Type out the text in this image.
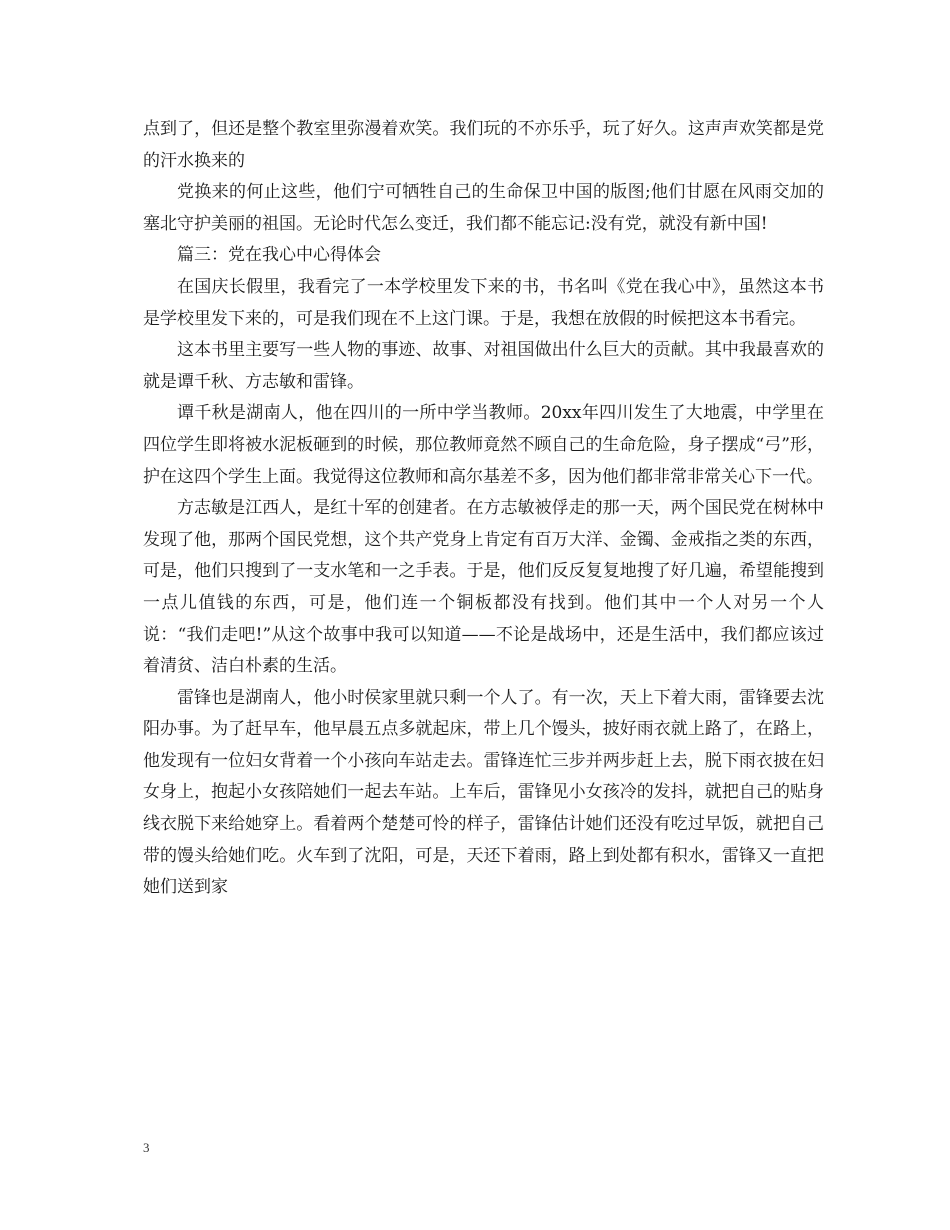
点到了，但还是整个教室里弥漫着欢笑。我们玩的不亦乐乎，玩了好久。这声声欢笑都是党的汗水换来的

党换来的何止这些，他们宁可牺牲自己的生命保卫中国的版图;他们甘愿在风雨交加的塞北守护美丽的祖国。无论时代怎么变迁，我们都不能忘记:没有党，就没有新中国!

篇三：党在我心中心得体会

在国庆长假里，我看完了一本学校里发下来的书，书名叫《党在我心中》，虽然这本书是学校里发下来的，可是我们现在不上这门课。于是，我想在放假的时候把这本书看完。

这本书里主要写一些人物的事迹、故事、对祖国做出什么巨大的贡献。其中我最喜欢的就是谭千秋、方志敏和雷锋。

谭千秋是湖南人，他在四川的一所中学当教师。20xx年四川发生了大地震，中学里在四位学生即将被水泥板砸到的时候，那位教师竟然不顾自己的生命危险，身子摆成“弓”形，护在这四个学生上面。我觉得这位教师和高尔基差不多，因为他们都非常非常关心下一代。

方志敏是江西人，是红十军的创建者。在方志敏被俘走的那一天，两个国民党在树林中发现了他，那两个国民党想，这个共产党身上肯定有百万大洋、金镯、金戒指之类的东西，可是，他们只搜到了一支水笔和一之手表。于是，他们反反复复地搜了好几遍，希望能搜到一点儿值钱的东西，可是，他们连一个铜板都没有找到。他们其中一个人对另一个人说：“我们走吧!”从这个故事中我可以知道——不论是战场中，还是生活中，我们都应该过着清贫、洁白朴素的生活。

雷锋也是湖南人，他小时侯家里就只剩一个人了。有一次，天上下着大雨，雷锋要去沈阳办事。为了赶早车，他早晨五点多就起床，带上几个馒头，披好雨衣就上路了，在路上，他发现有一位妇女背着一个小孩向车站走去。雷锋连忙三步并两步赶上去，脱下雨衣披在妇女身上，抱起小女孩陪她们一起去车站。上车后，雷锋见小女孩冷的发抖，就把自己的贴身线衣脱下来给她穿上。看着两个楚楚可怜的样子，雷锋估计她们还没有吃过早饭，就把自己带的馒头给她们吃。火车到了沈阳，可是，天还下着雨，路上到处都有积水，雷锋又一直把她们送到家

3
